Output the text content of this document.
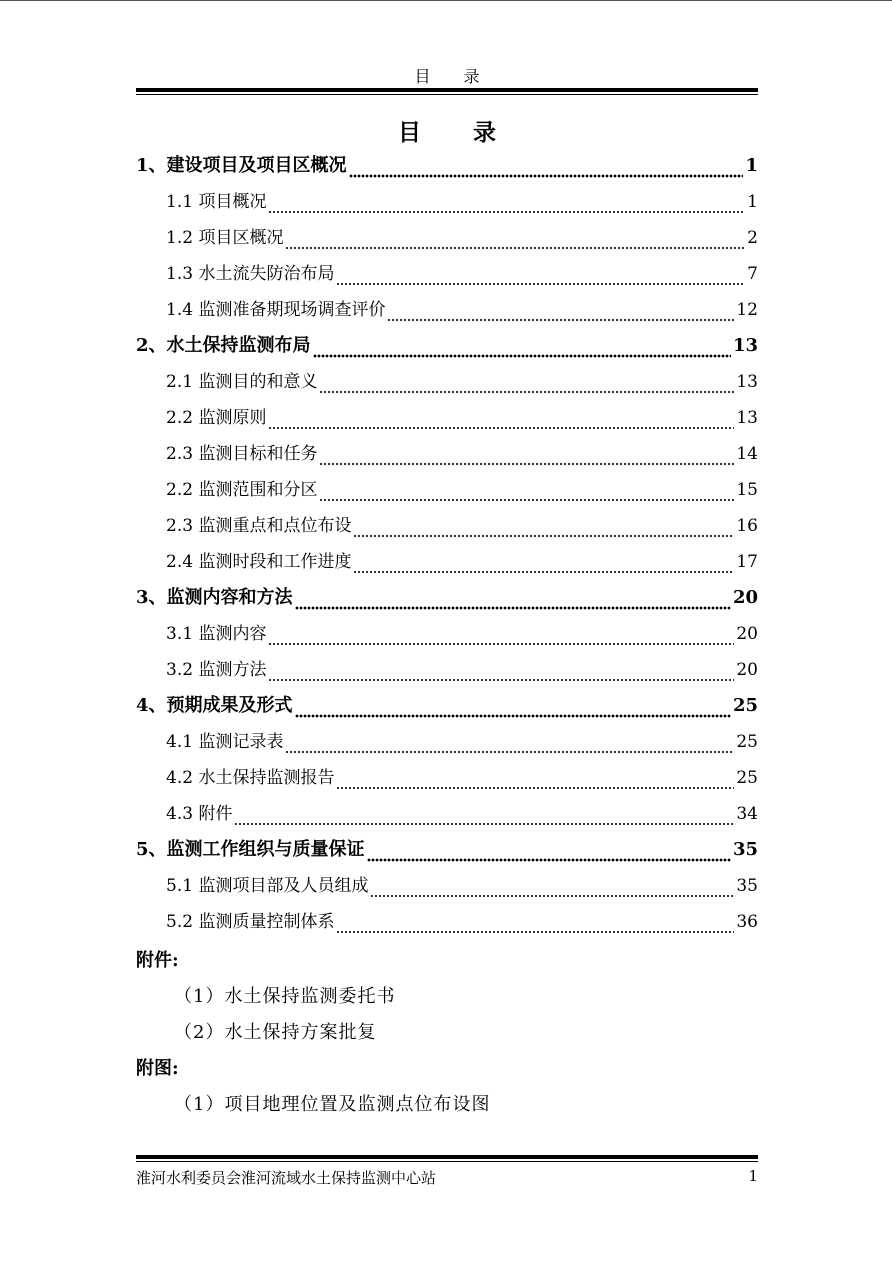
目 录
目 录
1、建设项目及项目区概况	1
1.1 项目概况	1
1.2 项目区概况	2
1.3 水土流失防治布局	7
1.4 监测准备期现场调查评价	12
2、水土保持监测布局	13
2.1 监测目的和意义	13
2.2 监测原则	13
2.3 监测目标和任务	14
2.2 监测范围和分区	15
2.3 监测重点和点位布设	16
2.4 监测时段和工作进度	17
3、监测内容和方法	20
3.1 监测内容	20
3.2 监测方法	20
4、预期成果及形式	25
4.1 监测记录表	25
4.2 水土保持监测报告	25
4.3 附件	34
5、监测工作组织与质量保证	35
5.1 监测项目部及人员组成	35
5.2 监测质量控制体系	36
附件:
（1）水土保持监测委托书
（2）水土保持方案批复
附图:
（1）项目地理位置及监测点位布设图
淮河水利委员会淮河流域水土保持监测中心站	1
